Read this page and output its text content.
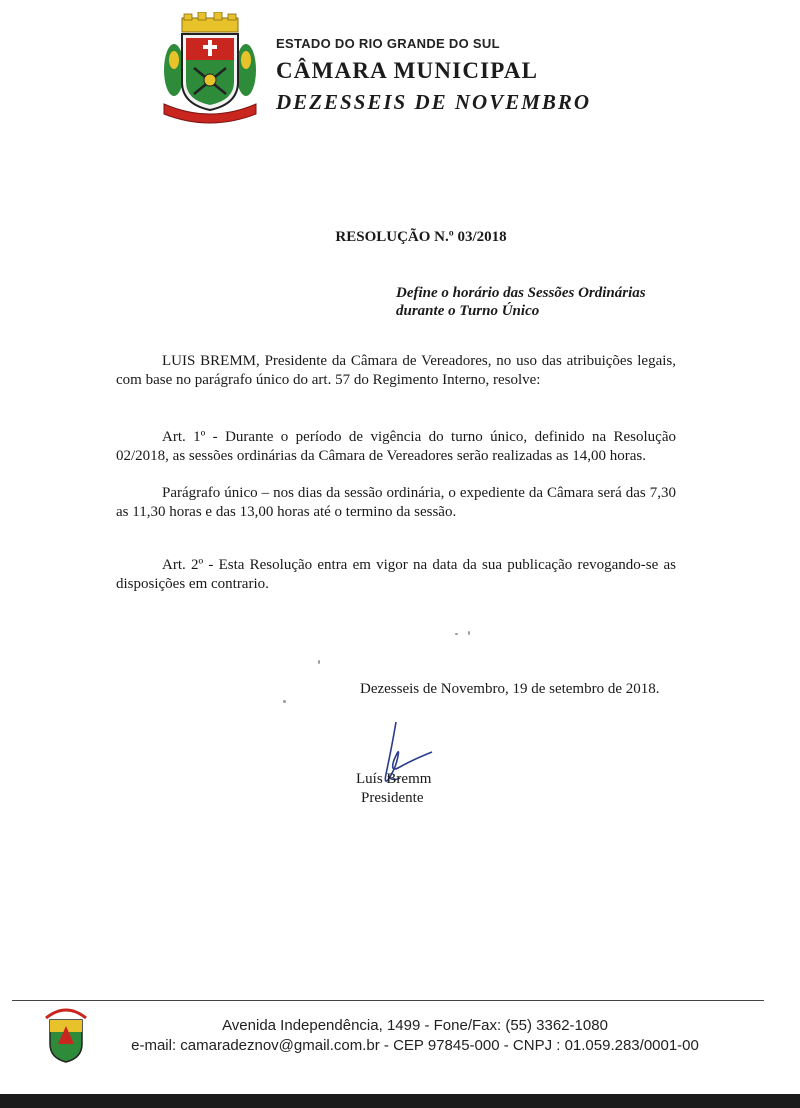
ESTADO DO RIO GRANDE DO SUL
CÂMARA MUNICIPAL
DEZESSEIS DE NOVEMBRO
RESOLUÇÃO N.º 03/2018
Define o horário das Sessões Ordinárias
durante o Turno Único
LUIS BREMM, Presidente da Câmara de Vereadores, no uso das atribuições legais, com base no parágrafo único do art. 57 do Regimento Interno, resolve:
Art. 1º - Durante o período de vigência do turno único, definido na Resolução 02/2018, as sessões ordinárias da Câmara de Vereadores serão realizadas as 14,00 horas.
Parágrafo único – nos dias da sessão ordinária, o expediente da Câmara será das 7,30 as 11,30 horas e das 13,00 horas até o termino da sessão.
Art. 2º - Esta Resolução entra em vigor na data da sua publicação revogando-se as disposições em contrario.
Dezesseis de Novembro, 19 de setembro de 2018.
Luís Bremm
Presidente
Avenida Independência, 1499 - Fone/Fax: (55) 3362-1080
e-mail: camaradeznov@gmail.com.br - CEP 97845-000 - CNPJ : 01.059.283/0001-00
